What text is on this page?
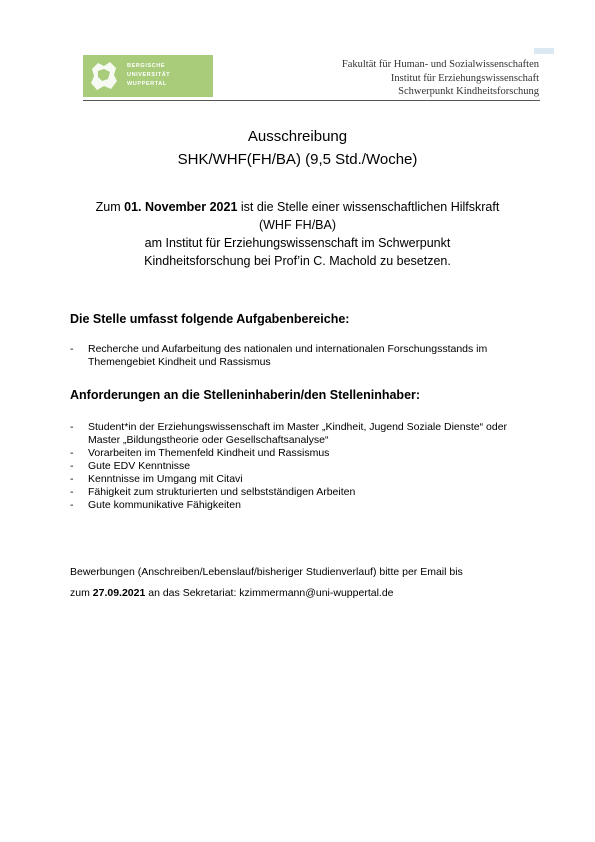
BERGISCHE
UNIVERSITÄT
WUPPERTAL
Fakultät für Human- und Sozialwissenschaften
Institut für Erziehungswissenschaft
Schwerpunkt Kindheitsforschung
Ausschreibung
SHK/WHF(FH/BA) (9,5 Std./Woche)
Zum 01. November 2021 ist die Stelle einer wissenschaftlichen Hilfskraft
(WHF FH/BA)
am Institut für Erziehungswissenschaft im Schwerpunkt
Kindheitsforschung bei Prof’in C. Machold zu besetzen.
Die Stelle umfasst folgende Aufgabenbereiche:
- Recherche und Aufarbeitung des nationalen und internationalen Forschungsstands im Themengebiet Kindheit und Rassismus
Anforderungen an die Stelleninhaberin/den Stelleninhaber:
- Student*in der Erziehungswissenschaft im Master „Kindheit, Jugend Soziale Dienste“ oder Master „Bildungstheorie oder Gesellschaftsanalyse“
- Vorarbeiten im Themenfeld Kindheit und Rassismus
- Gute EDV Kenntnisse
- Kenntnisse im Umgang mit Citavi
- Fähigkeit zum strukturierten und selbstständigen Arbeiten
- Gute kommunikative Fähigkeiten
Bewerbungen (Anschreiben/Lebenslauf/bisheriger Studienverlauf) bitte per Email bis
zum 27.09.2021 an das Sekretariat: kzimmermann@uni-wuppertal.de
